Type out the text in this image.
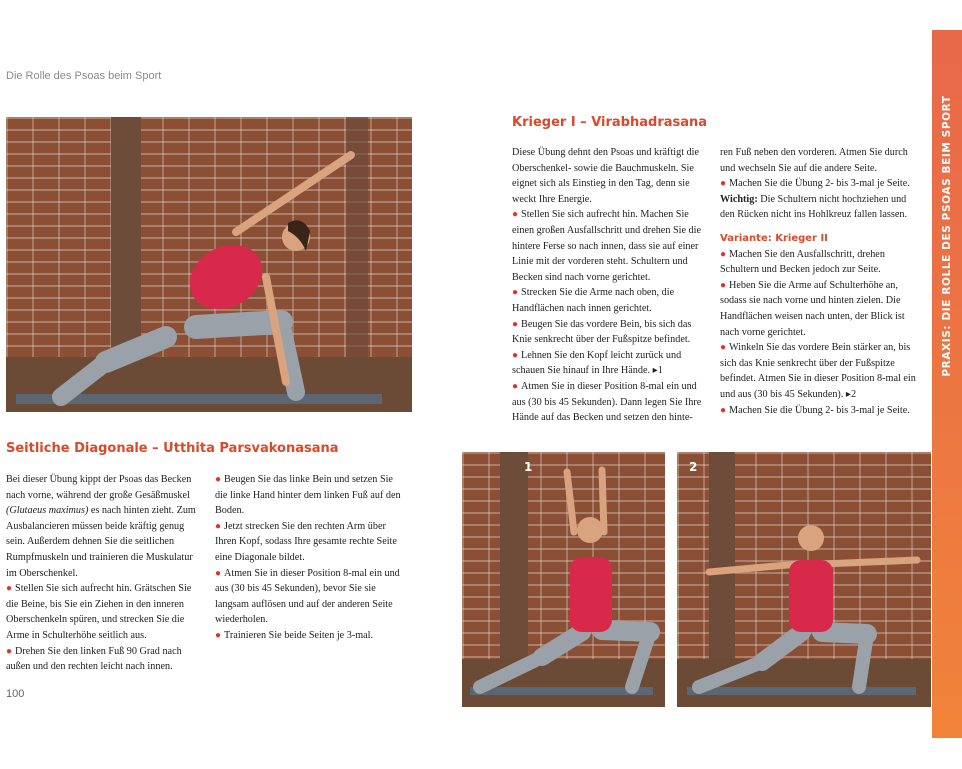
Die Rolle des Psoas beim Sport
PRAXIS: DIE ROLLE DES PSOAS BEIM SPORT
Krieger I – Virabhadrasana

Diese Übung dehnt den Psoas und kräftigt die Oberschenkel- sowie die Bauchmuskeln. Sie eignet sich als Einstieg in den Tag, denn sie weckt Ihre Energie.

● Stellen Sie sich aufrecht hin. Machen Sie einen großen Ausfallschritt und drehen Sie die hintere Ferse so nach innen, dass sie auf einer Linie mit der vorderen steht. Schultern und Becken sind nach vorne gerichtet.

● Strecken Sie die Arme nach oben, die Handflächen nach innen gerichtet.

● Beugen Sie das vordere Bein, bis sich das Knie senkrecht über der Fußspitze befindet.

● Lehnen Sie den Kopf leicht zurück und schauen Sie hinauf in Ihre Hände. ▸1

● Atmen Sie in dieser Position 8-mal ein und aus (30 bis 45 Sekunden). Dann legen Sie Ihre Hände auf das Becken und setzen den hinte-

ren Fuß neben den vorderen. Atmen Sie durch und wechseln Sie auf die andere Seite.

● Machen Sie die Übung 2- bis 3-mal je Seite.

Wichtig: Die Schultern nicht hochziehen und den Rücken nicht ins Hohlkreuz fallen lassen.

Variante: Krieger II

● Machen Sie den Ausfallschritt, drehen Schultern und Becken jedoch zur Seite.

● Heben Sie die Arme auf Schulterhöhe an, sodass sie nach vorne und hinten zielen. Die Handflächen weisen nach unten, der Blick ist nach vorne gerichtet.

● Winkeln Sie das vordere Bein stärker an, bis sich das Knie senkrecht über der Fußspitze befindet. Atmen Sie in dieser Position 8-mal ein und aus (30 bis 45 Sekunden). ▸2

● Machen Sie die Übung 2- bis 3-mal je Seite.

Seitliche Diagonale – Utthita Parsvakonasana

Bei dieser Übung kippt der Psoas das Becken nach vorne, während der große Gesäßmuskel (Glutaeus maximus) es nach hinten zieht. Zum Ausbalancieren müssen beide kräftig genug sein. Außerdem dehnen Sie die seitlichen Rumpfmuskeln und trainieren die Muskulatur im Oberschenkel.

● Stellen Sie sich aufrecht hin. Grätschen Sie die Beine, bis Sie ein Ziehen in den inneren Oberschenkeln spüren, und strecken Sie die Arme in Schulterhöhe seitlich aus.

● Drehen Sie den linken Fuß 90 Grad nach außen und den rechten leicht nach innen.

● Beugen Sie das linke Bein und setzen Sie die linke Hand hinter dem linken Fuß auf den Boden.

● Jetzt strecken Sie den rechten Arm über Ihren Kopf, sodass Ihre gesamte rechte Seite eine Diagonale bildet.

● Atmen Sie in dieser Position 8-mal ein und aus (30 bis 45 Sekunden), bevor Sie sie langsam auflösen und auf der anderen Seite wiederholen.

● Trainieren Sie beide Seiten je 3-mal.

1	2
100
